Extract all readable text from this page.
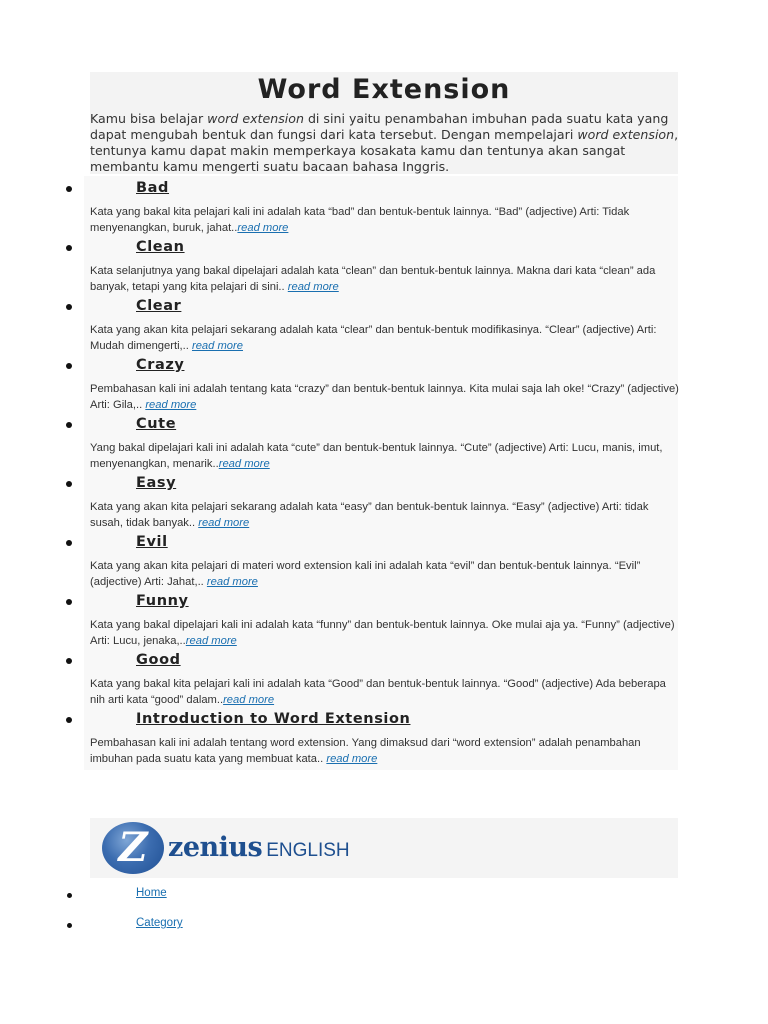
Word Extension

Kamu bisa belajar word extension di sini yaitu penambahan imbuhan pada suatu kata yang dapat mengubah bentuk dan fungsi dari kata tersebut. Dengan mempelajari word extension, tentunya kamu dapat makin memperkaya kosakata kamu dan tentunya akan sangat membantu kamu mengerti suatu bacaan bahasa Inggris.

Bad

Kata yang bakal kita pelajari kali ini adalah kata “bad” dan bentuk-bentuk lainnya. “Bad” (adjective) Arti: Tidak menyenangkan, buruk, jahat..read more

Clean

Kata selanjutnya yang bakal dipelajari adalah kata “clean” dan bentuk-bentuk lainnya. Makna dari kata “clean” ada banyak, tetapi yang kita pelajari di sini.. read more

Clear

Kata yang akan kita pelajari sekarang adalah kata “clear” dan bentuk-bentuk modifikasinya. “Clear” (adjective) Arti: Mudah dimengerti,.. read more

Crazy

Pembahasan kali ini adalah tentang kata “crazy” dan bentuk-bentuk lainnya. Kita mulai saja lah oke! “Crazy” (adjective) Arti: Gila,.. read more

Cute

Yang bakal dipelajari kali ini adalah kata “cute” dan bentuk-bentuk lainnya. “Cute” (adjective) Arti: Lucu, manis, imut, menyenangkan, menarik..read more

Easy

Kata yang akan kita pelajari sekarang adalah kata “easy” dan bentuk-bentuk lainnya. “Easy” (adjective) Arti: tidak susah, tidak banyak.. read more

Evil

Kata yang akan kita pelajari di materi word extension kali ini adalah kata “evil” dan bentuk-bentuk lainnya. “Evil” (adjective) Arti: Jahat,.. read more

Funny

Kata yang bakal dipelajari kali ini adalah kata “funny” dan bentuk-bentuk lainnya. Oke mulai aja ya. “Funny” (adjective) Arti: Lucu, jenaka,..read more

Good

Kata yang bakal kita pelajari kali ini adalah kata “Good” dan bentuk-bentuk lainnya. “Good” (adjective) Ada beberapa nih arti kata “good” dalam..read more

Introduction to Word Extension

Pembahasan kali ini adalah tentang word extension. Yang dimaksud dari “word extension” adalah penambahan imbuhan pada suatu kata yang membuat kata.. read more

Z zenius ENGLISH

Home
Category
